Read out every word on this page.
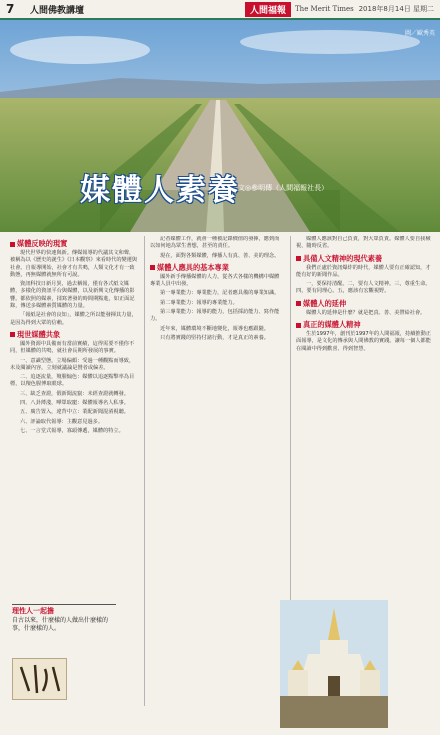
7	人間佛教講壇	人間福報	The Merit Times 2018年8月14日 星期二
圖／歐秀英
媒體人素養
文◎參明傳（人間福報社長）
媒體反映的現實

現代世界的快速與新。傳媒報導的代議其文和聲，被稱為以《歷史的誕生》《日本觀察》來看時代的變遷與社會。自報導開始，社會才有共鳴，人類文化才有一致動態，再無媒體就無所有可說。

資訊科技日新月異，過去稱報，僅有各式紙文媒體，多樣化的資訊平台與媒體，以及新興文化傳播的影響。都依照的媒素，揉寫著發的時間期點進，如正面記錄，傳送多媒體素質媒體的力量。

「報紙是社會的良知」，媒體之所以能發揮其力量，是因為得到大眾的信賴。

現世媒體共象

國外資源中具備而有當前實績，這得需要不僅你不同，但媒體的共鳴，就社會長期所發展的事實。

一、意識型態，立場偏頗：受過一種觀點而導致，未及閱讀內容，立刻就議論是贊者或偏差。

二、追逐流量，羶腥煽色：媒體以追逐點擊率為目標，以羶色腥博取眼球。

三、缺乏查證，假新聞流竄：未經查證就轉發。

四、八卦薄淺，嘩眾取寵：媒體報導名人私事。

五、廣告置入，違背中立：業配新聞混淆視聽。

六、評論取代報導：主觀意見過多。

七、一言堂式報導，寡頭傳遞，媒體的特立。

理性人一起擔
自古以來，什麼樣的人做出什麼樣的事，什麼樣的人。

記者媒體工作，就會一種被記錄價值的發揮，應到而以如何地為眾生著想，甚至的責任。

現在，面對各類媒體，傳播人有真、善、美的理念。

媒體人應具的基本專業

國外新手傳播媒體的人力，從各式各樣的機構中媒體專業人員中出發。

第一專業能力：專業能力，記者應具備的專業知識。

第二專業能力：報導的專業能力。

第三專業能力：報導的能力，包括採訪能力、寫作能力。

近年來，媒體環境不斷地變化，報導也應跟隨。

只有將實踐的堅持付諸行動，才是真正的素養。

媒體人應該對自己負責，對大眾負責。媒體人要自我檢視，隨時反省。

具備人文精神的現代素養

我們正處於資訊爆炸的時代，媒體人要有正確認知，才能有好的新聞作品。

一，要保持清醒。二，要有人文精神。三，尊重生命。四，要有同理心。五，應該有宏觀視野。

媒體人的延伸

媒體人的延伸是什麼？就是把真、善、美帶給社會。

真正的媒體人精神

生於1997年，創刊於1997年的人間福報，持續推動正面報導，是文化的傳承與人間佛教的實踐。讓每一個人都能在閱讀中得到歡喜、得到智慧。
